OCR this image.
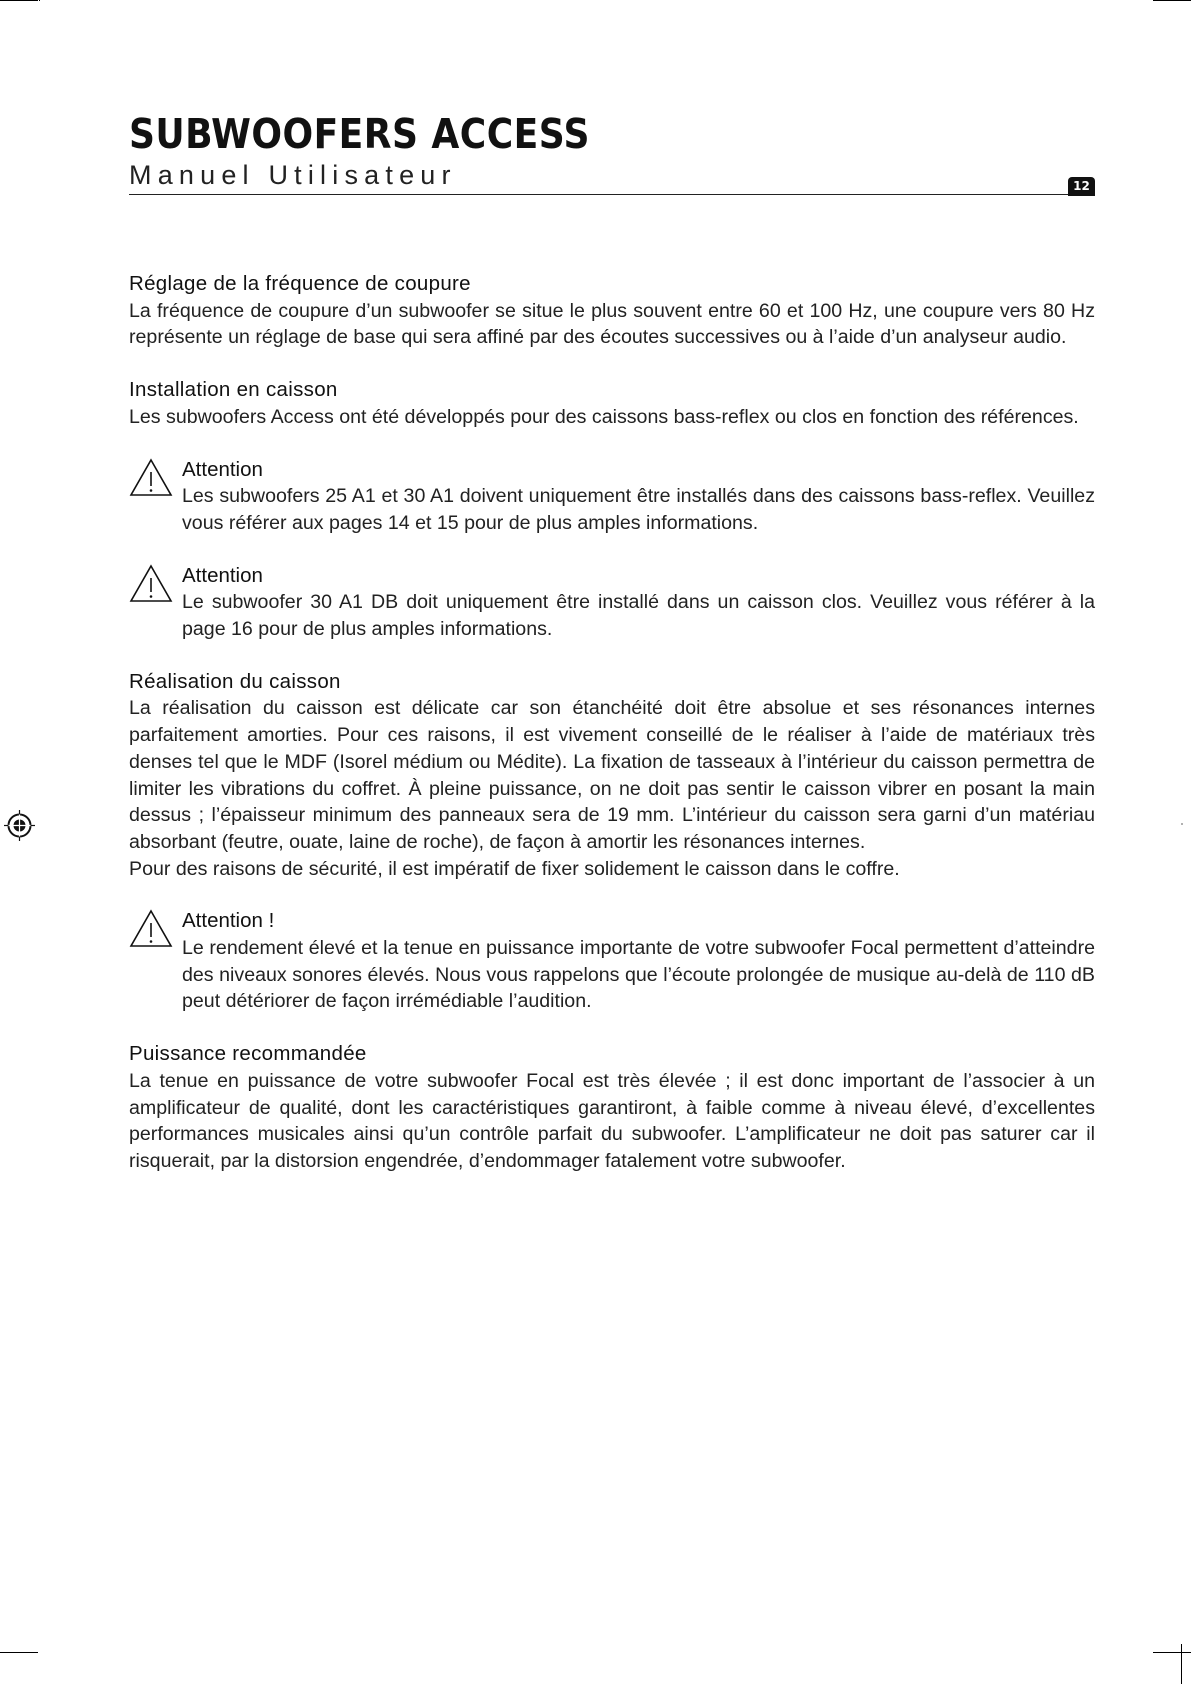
SUBWOOFERS ACCESS
Manuel Utilisateur	12
Réglage de la fréquence de coupure

La fréquence de coupure d’un subwoofer se situe le plus souvent entre 60 et 100 Hz, une coupure vers 80 Hz représente un réglage de base qui sera affiné par des écoutes successives ou à l’aide d’un analyseur audio.

Installation en caisson

Les subwoofers Access ont été développés pour des caissons bass-reflex ou clos en fonction des références.

Attention

Les subwoofers 25 A1 et 30 A1 doivent uniquement être installés dans des caissons bass-reflex. Veuillez vous référer aux pages 14 et 15 pour de plus amples informations.

Attention

Le subwoofer 30 A1 DB doit uniquement être installé dans un caisson clos. Veuillez vous référer à la page 16 pour de plus amples informations.

Réalisation du caisson

La réalisation du caisson est délicate car son étanchéité doit être absolue et ses résonances internes parfaitement amorties. Pour ces raisons, il est vivement conseillé de le réaliser à l’aide de matériaux très denses tel que le MDF (Isorel médium ou Médite). La fixation de tasseaux à l’intérieur du caisson permettra de limiter les vibrations du coffret. À pleine puissance, on ne doit pas sentir le caisson vibrer en posant la main dessus ; l’épaisseur minimum des panneaux sera de 19 mm. L’intérieur du caisson sera garni d’un matériau absorbant (feutre, ouate, laine de roche), de façon à amortir les résonances internes.

Pour des raisons de sécurité, il est impératif de fixer solidement le caisson dans le coffre.

Attention !

Le rendement élevé et la tenue en puissance importante de votre subwoofer Focal permettent d’atteindre des niveaux sonores élevés. Nous vous rappelons que l’écoute prolongée de musique au-delà de 110 dB peut détériorer de façon irrémédiable l’audition.

Puissance recommandée

La tenue en puissance de votre subwoofer Focal est très élevée ; il est donc important de l’associer à un amplificateur de qualité, dont les caractéristiques garantiront, à faible comme à niveau élevé, d’excellentes performances musicales ainsi qu’un contrôle parfait du subwoofer. L’amplificateur ne doit pas saturer car il risquerait, par la distorsion engendrée, d’endommager fatalement votre subwoofer.
